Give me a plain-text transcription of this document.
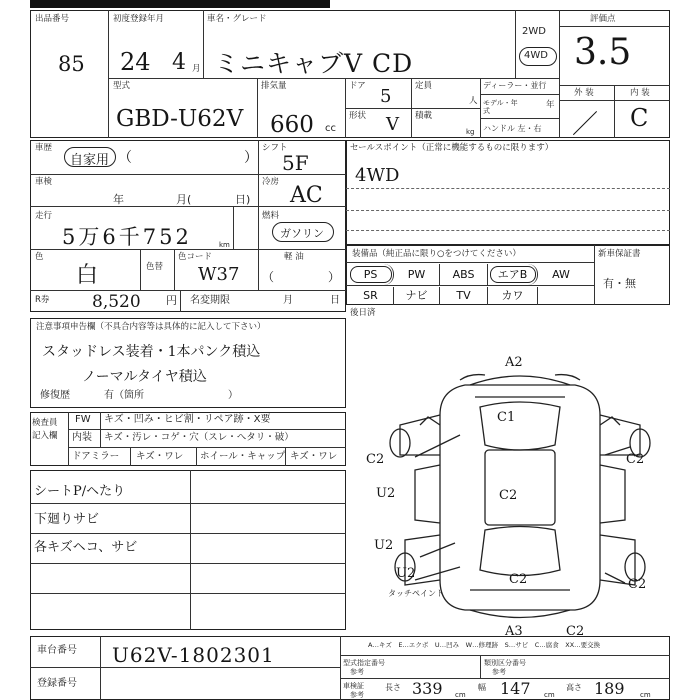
出品番号
85
初度登録年月
24 4 月
車名・グレード
ミニキャブV CD
2WD
4WD
評価点
3.5
型式
GBD-U62V
排気量
660 cc
ドア 5
形状 V
定員
人
積載
kg
ディーラー・並行
モデル・年式
年
ハンドル 左・右
外 装	内 装
／ C
車歴
自家用 （	）
シフト
5F
車検
年	月(	日)
冷房
AC
走行
5万6千752	km
燃料
ガソリン
色
白	色替
色コード
W37
軽 油
（	）
R券	8,520 円 名変期限	月	日
セールスポイント（正常に機能するものに限ります）
4WD
装備品（純正品に限り○をつけてください）	新車保証書
有・無
PS	PW	ABS	エアB	AW
SR	ナビ	TV	カワ
後日済
注意事項申告欄（不具合内容等は具体的に記入して下さい）
スタッドレス装着・1本パンク積込
ノーマルタイヤ積込
修復歴	有（箇所	）
検査員
記入欄
FW キズ・凹み・ヒビ割・リペア跡・X要
内装 キズ・汚レ・コゲ・穴（スレ・へタリ・破）
ドアミラー キズ・ワレ ホイール・キャップ キズ・ワレ
シートP/ヘたり
下廻りサビ
各キズヘコ、サビ
A2
C1
C2
U2	C2
C2
U2
C2	C2
A3
U2
C2
タッチペイント
A…キズ　E…エクボ　U…凹み　W…修理跡　S…サビ　C…腐食　XX…要交換
車台番号 U62V-1802301
登録番号
型式指定番号
参考
類別区分番号
参考
車検証
参考
長さ 339 cm
幅 147 cm
高さ 189 cm
